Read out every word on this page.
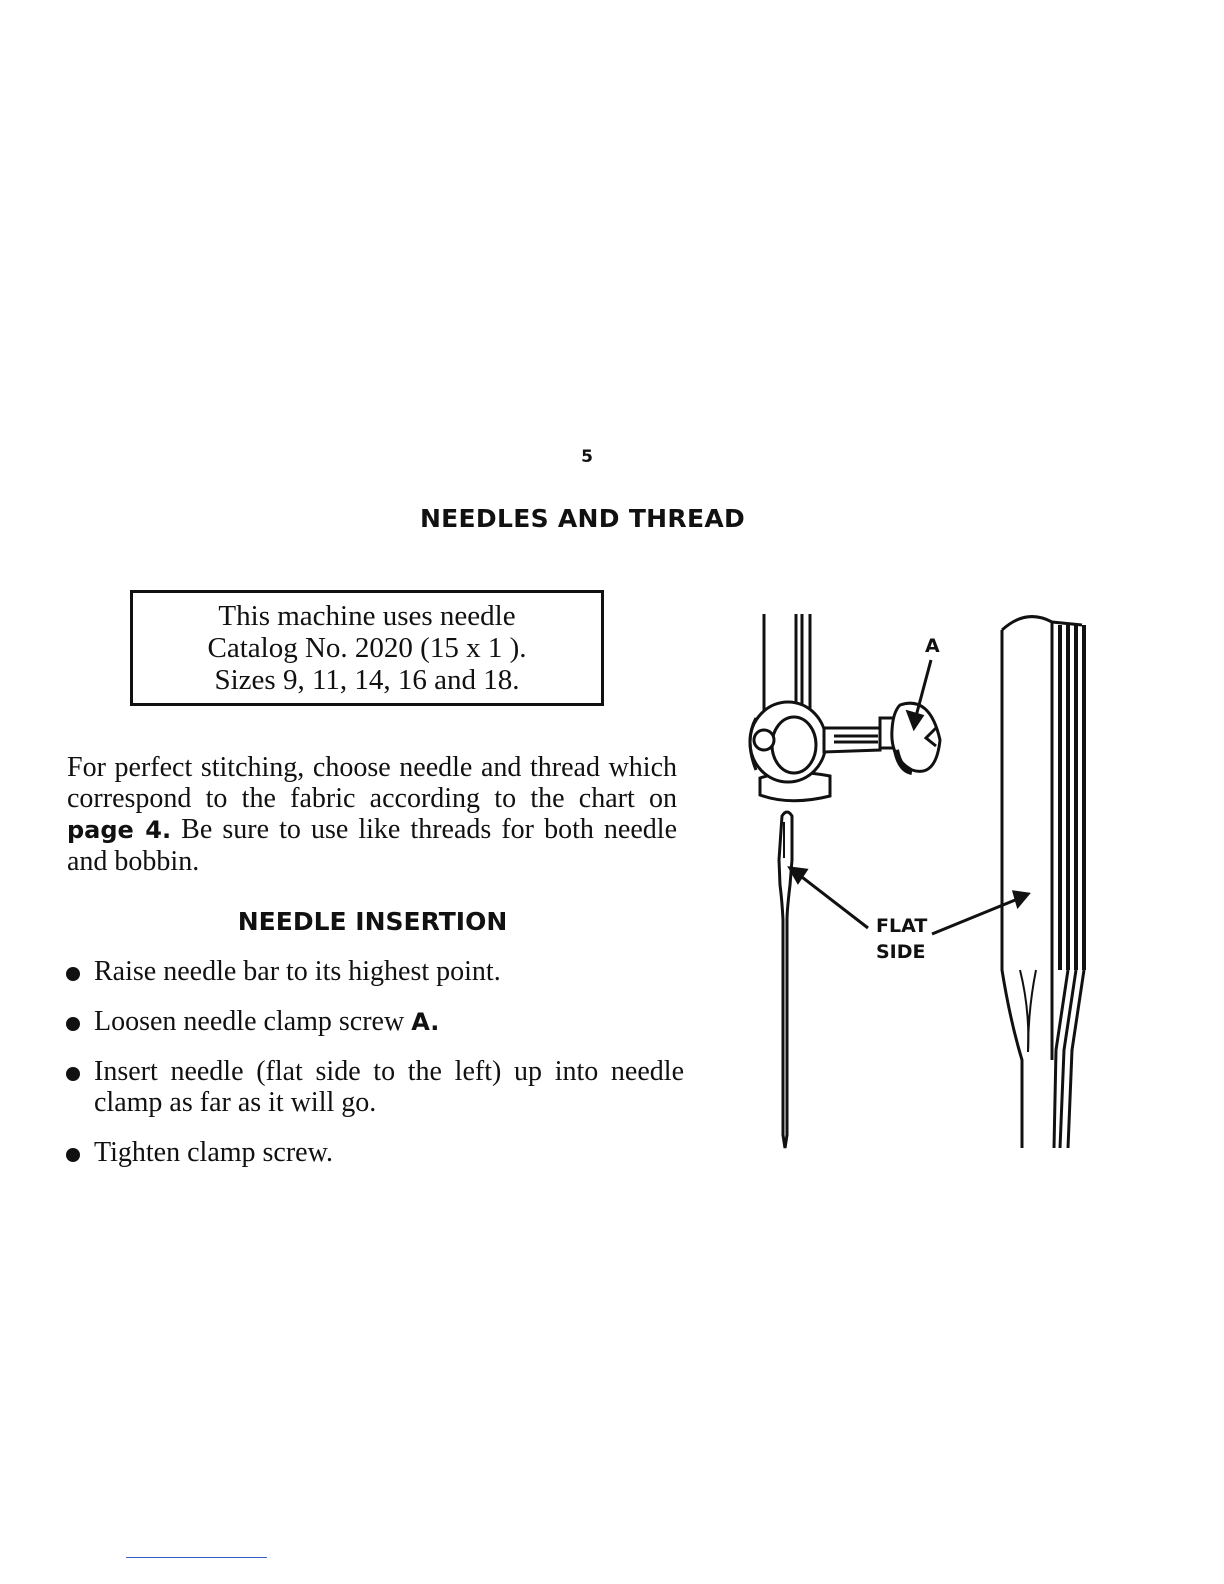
5
NEEDLES AND THREAD
This machine uses needle
Catalog No. 2020 (15 x 1 ).
Sizes 9, 11, 14, 16 and 18.

For perfect stitching, choose needle and thread which correspond to the fabric according to the chart on page 4. Be sure to use like threads for both needle and bobbin.

NEEDLE INSERTION
Raise needle bar to its highest point.
Loosen needle clamp screw A.
Insert needle (flat side to the left) up into needle clamp as far as it will go.
Tighten clamp screw.
A
FLAT
SIDE
